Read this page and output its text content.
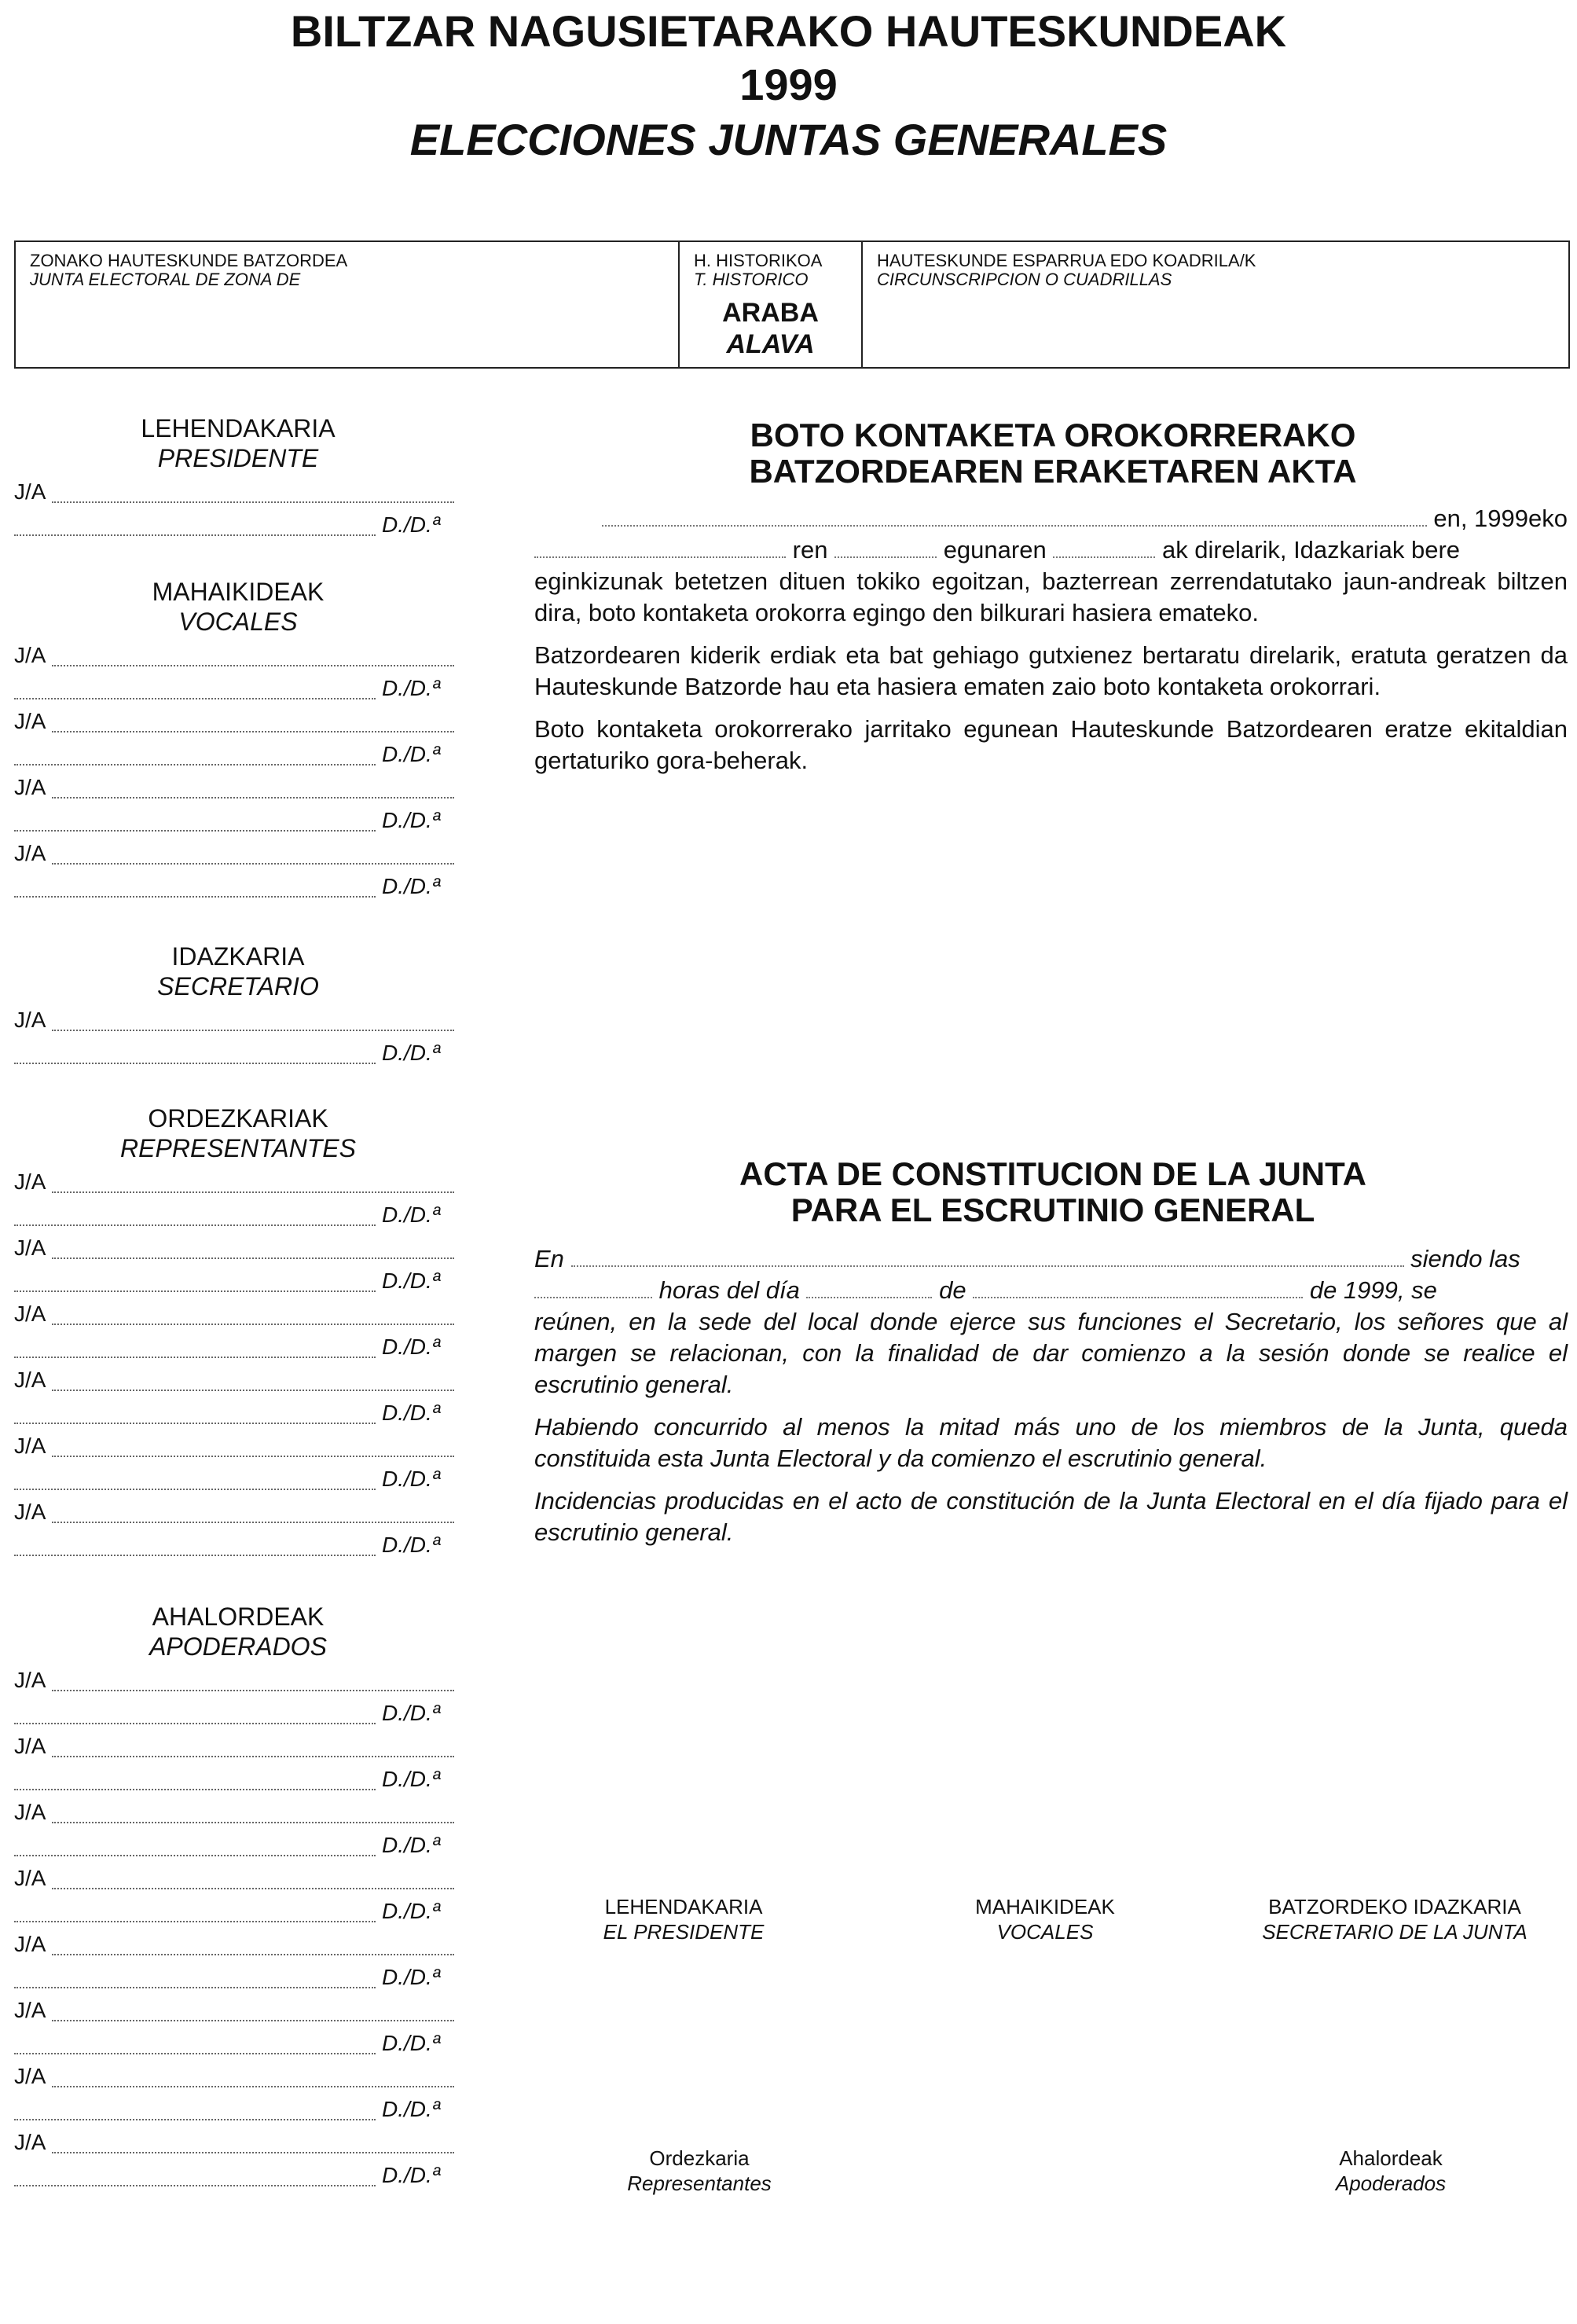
BILTZAR NAGUSIETARAKO HAUTESKUNDEAK
1999
ELECCIONES JUNTAS GENERALES
ZONAKO HAUTESKUNDE BATZORDEA
JUNTA ELECTORAL DE ZONA DE
H. HISTORIKOA
T. HISTORICO
ARABA
ALAVA
HAUTESKUNDE ESPARRUA EDO KOADRILA/K
CIRCUNSCRIPCION O CUADRILLAS
LEHENDAKARIA
PRESIDENTE
J/A
D./D.ª
MAHAIKIDEAK
VOCALES
J/A
D./D.ª
J/A
D./D.ª
J/A
D./D.ª
J/A
D./D.ª
IDAZKARIA
SECRETARIO
J/A
D./D.ª
ORDEZKARIAK
REPRESENTANTES
J/A
D./D.ª
J/A
D./D.ª
J/A
D./D.ª
J/A
D./D.ª
J/A
D./D.ª
J/A
D./D.ª
AHALORDEAK
APODERADOS
J/A
D./D.ª
J/A
D./D.ª
J/A
D./D.ª
J/A
D./D.ª
J/A
D./D.ª
J/A
D./D.ª
J/A
D./D.ª
J/A
D./D.ª
BOTO KONTAKETA OROKORRERAKO
BATZORDEAREN ERAKETAREN AKTA

en, 1999eko

ren	egunaren	ak direlarik, Idazkariak bere

eginkizunak betetzen dituen tokiko egoitzan, bazterrean zerrendatutako jaun-andreak biltzen dira, boto kontaketa orokorra egingo den bilkurari hasiera emateko.

Batzordearen kiderik erdiak eta bat gehiago gutxienez bertaratu direlarik, eratuta geratzen da Hauteskunde Batzorde hau eta hasiera ematen zaio boto kontaketa orokorrari.

Boto kontaketa orokorrerako jarritako egunean Hauteskunde Batzordearen eratze ekitaldian gertaturiko gora-beherak.

ACTA DE CONSTITUCION DE LA JUNTA
PARA EL ESCRUTINIO GENERAL

En	siendo las

horas del día	de	de 1999, se

reúnen, en la sede del local donde ejerce sus funciones el Secretario, los señores que al margen se relacionan, con la finalidad de dar comienzo a la sesión donde se realice el escrutinio general.

Habiendo concurrido al menos la mitad más uno de los miembros de la Junta, queda constituida esta Junta Electoral y da comienzo el escrutinio general.

Incidencias producidas en el acto de constitución de la Junta Electoral en el día fijado para el escrutinio general.

LEHENDAKARIA
EL PRESIDENTE
MAHAIKIDEAK
VOCALES
BATZORDEKO IDAZKARIA
SECRETARIO DE LA JUNTA
Ordezkaria
Representantes
Ahalordeak
Apoderados
